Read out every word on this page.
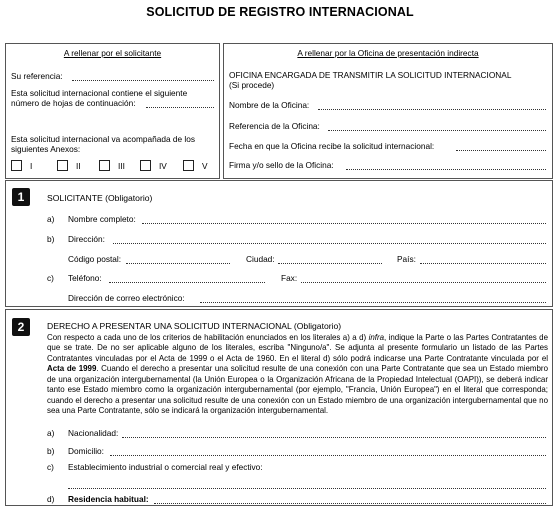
SOLICITUD DE REGISTRO INTERNACIONAL
A rellenar por el solicitante
Su referencia:
Esta solicitud internacional contiene el siguiente
número de hojas de continuación:
Esta solicitud internacional va acompañada de los
siguientes Anexos:
I	II	III	IV	V
A rellenar por la Oficina de presentación indirecta
OFICINA ENCARGADA DE TRANSMITIR LA SOLICITUD INTERNACIONAL
(Si procede)
Nombre de la Oficina:
Referencia de la Oficina:
Fecha en que la Oficina recibe la solicitud internacional:
Firma y/o sello de la Oficina:
1	SOLICITANTE (Obligatorio)
a) Nombre completo:
b) Dirección:
Código postal:	Ciudad:	País:
c) Teléfono:	Fax:
Dirección de correo electrónico:
2	DERECHO A PRESENTAR UNA SOLICITUD INTERNACIONAL (Obligatorio)
Con respecto a cada uno de los criterios de habilitación enunciados en los literales a) a d) infra, indique la Parte o las Partes Contratantes de que se trate. De no ser aplicable alguno de los literales, escriba "Ninguno/a". Se adjunta al presente formulario un listado de las Partes Contratantes vinculadas por el Acta de 1999 o el Acta de 1960. En el literal d) sólo podrá indicarse una Parte Contratante vinculada por el Acta de 1999. Cuando el derecho a presentar una solicitud resulte de una conexión con una Parte Contratante que sea un Estado miembro de una organización intergubernamental (la Unión Europea o la Organización Africana de la Propiedad Intelectual (OAPI)), se deberá indicar tanto ese Estado miembro como la organización intergubernamental (por ejemplo, "Francia, Unión Europea") en el literal que corresponda; cuando el derecho a presentar una solicitud resulte de una conexión con un Estado miembro de una organización intergubernamental que no sea una Parte Contratante, sólo se indicará la organización intergubernamental.
a) Nacionalidad:
b) Domicilio:
c) Establecimiento industrial o comercial real y efectivo:
d) Residencia habitual:
